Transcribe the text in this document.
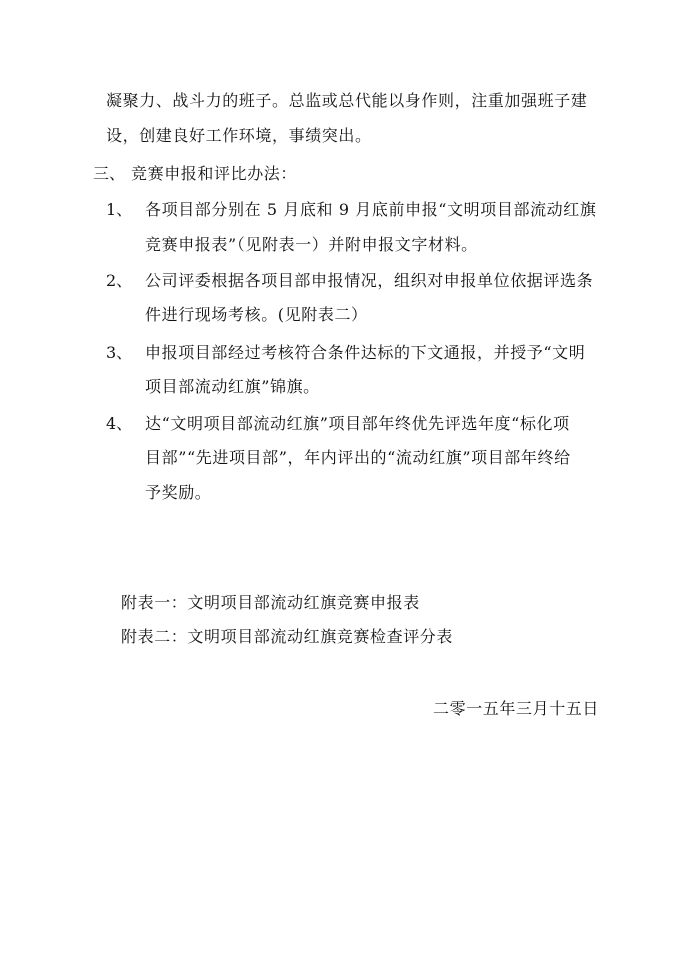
凝聚力、战斗力的班子。总监或总代能以身作则，注重加强班子建
设，创建良好工作环境，事绩突出。
三、 竞赛申报和评比办法：
1、 各项目部分别在 5 月底和 9 月底前申报“文明项目部流动红旗
竞赛申报表”（见附表一）并附申报文字材料。
2、 公司评委根据各项目部申报情况，组织对申报单位依据评选条
件进行现场考核。(见附表二）
3、 申报项目部经过考核符合条件达标的下文通报，并授予“文明
项目部流动红旗”锦旗。
4、 达“文明项目部流动红旗”项目部年终优先评选年度“标化项
目部”“先进项目部”，年内评出的“流动红旗”项目部年终给
予奖励。
附表一：文明项目部流动红旗竞赛申报表
附表二：文明项目部流动红旗竞赛检查评分表
二零一五年三月十五日
